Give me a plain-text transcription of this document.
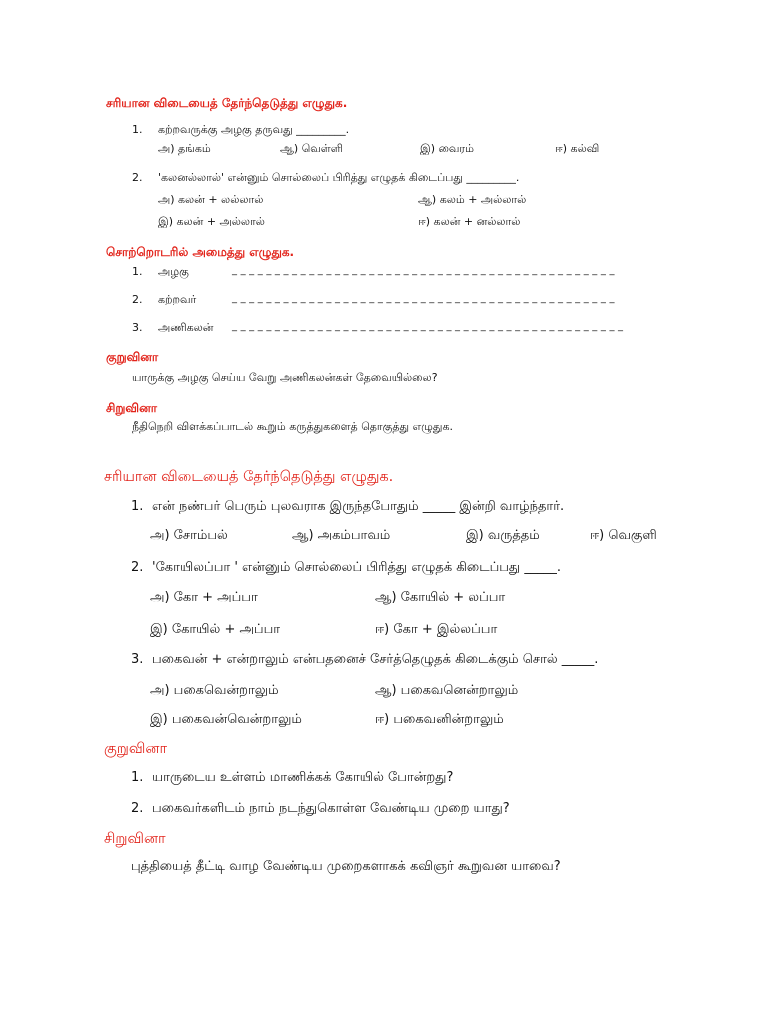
சரியான விடையைத் தேர்ந்தெடுத்து எழுதுக.
1. கற்றவருக்கு அழகு தருவது _________.
அ) தங்கம்	ஆ) வெள்ளி	இ) வைரம்	ஈ) கல்வி
2. 'கலனல்லால்' என்னும் சொல்லைப் பிரித்து எழுதக் கிடைப்பது _________.
அ) கலன் + லல்லால்	ஆ) கலம் + அல்லால்
இ) கலன் + அல்லால்	ஈ) கலன் + னல்லால்
சொற்றொடரில் அமைத்து எழுதுக.
1. அழகு	_ _ _ _ _ _ _ _ _ _ _ _ _ _ _ _ _ _ _ _ _ _ _ _ _ _ _ _ _ _ _ _ _ _ _ _ _ _ _ _ _ _ _ _ _
2. கற்றவர்	_ _ _ _ _ _ _ _ _ _ _ _ _ _ _ _ _ _ _ _ _ _ _ _ _ _ _ _ _ _ _ _ _ _ _ _ _ _ _ _ _ _ _ _ _
3. அணிகலன் _ _ _ _ _ _ _ _ _ _ _ _ _ _ _ _ _ _ _ _ _ _ _ _ _ _ _ _ _ _ _ _ _ _ _ _ _ _ _ _ _ _ _ _ _ _
குறுவினா
யாருக்கு அழகு செய்ய வேறு அணிகலன்கள் தேவையில்லை?
சிறுவினா
நீதிநெறி விளக்கப்பாடல் கூறும் கருத்துகளைத் தொகுத்து எழுதுக.
சரியான விடையைத் தேர்ந்தெடுத்து எழுதுக.
1. என் நண்பர் பெரும் புலவராக இருந்தபோதும் _____ இன்றி வாழ்ந்தார்.
அ) சோம்பல்	ஆ) அகம்பாவம்	இ) வருத்தம்	ஈ) வெகுளி
2. 'கோயிலப்பா ' என்னும் சொல்லைப் பிரித்து எழுதக் கிடைப்பது _____.
அ) கோ + அப்பா	ஆ) கோயில் + லப்பா
இ) கோயில் + அப்பா	ஈ) கோ + இல்லப்பா
3. பகைவன் + என்றாலும் என்பதனைச் சேர்த்தெழுதக் கிடைக்கும் சொல் _____.
அ) பகைவென்றாலும்	ஆ) பகைவனென்றாலும்
இ) பகைவன்வென்றாலும்	ஈ) பகைவனின்றாலும்
குறுவினா
1. யாருடைய உள்ளம் மாணிக்கக் கோயில் போன்றது?
2. பகைவர்களிடம் நாம் நடந்துகொள்ள வேண்டிய முறை யாது?
சிறுவினா
புத்தியைத் தீட்டி வாழ வேண்டிய முறைகளாகக் கவிஞர் கூறுவன யாவை?
